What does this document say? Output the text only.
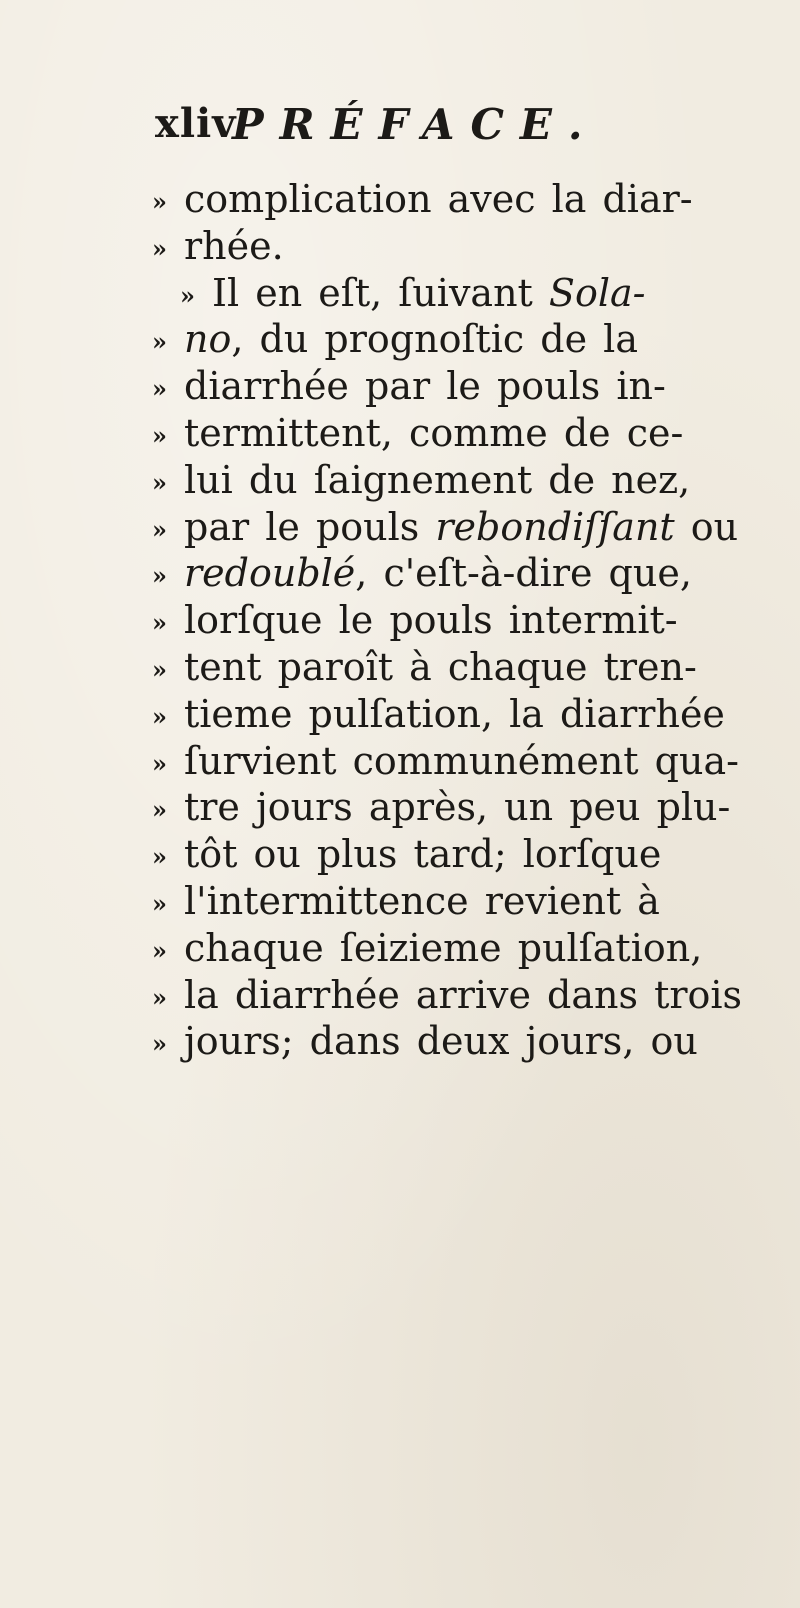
xliv
PRÉFACE.
» complication avec la diar-
» rhée.
» Il en eſt, ſuivant Sola-
» no, du prognoſtic de la
» diarrhée par le pouls in-
» termittent, comme de ce-
» lui du ſaignement de nez,
» par le pouls rebondiſſant ou
» redoublé, c'eſt-à-dire que,
» lorſque le pouls intermit-
» tent paroît à chaque tren-
» tieme pulſation, la diarrhée
» ſurvient communément qua-
» tre jours après, un peu plu-
» tôt ou plus tard; lorſque
» l'intermittence revient à
» chaque ſeizieme pulſation,
» la diarrhée arrive dans trois
» jours; dans deux jours, ou
